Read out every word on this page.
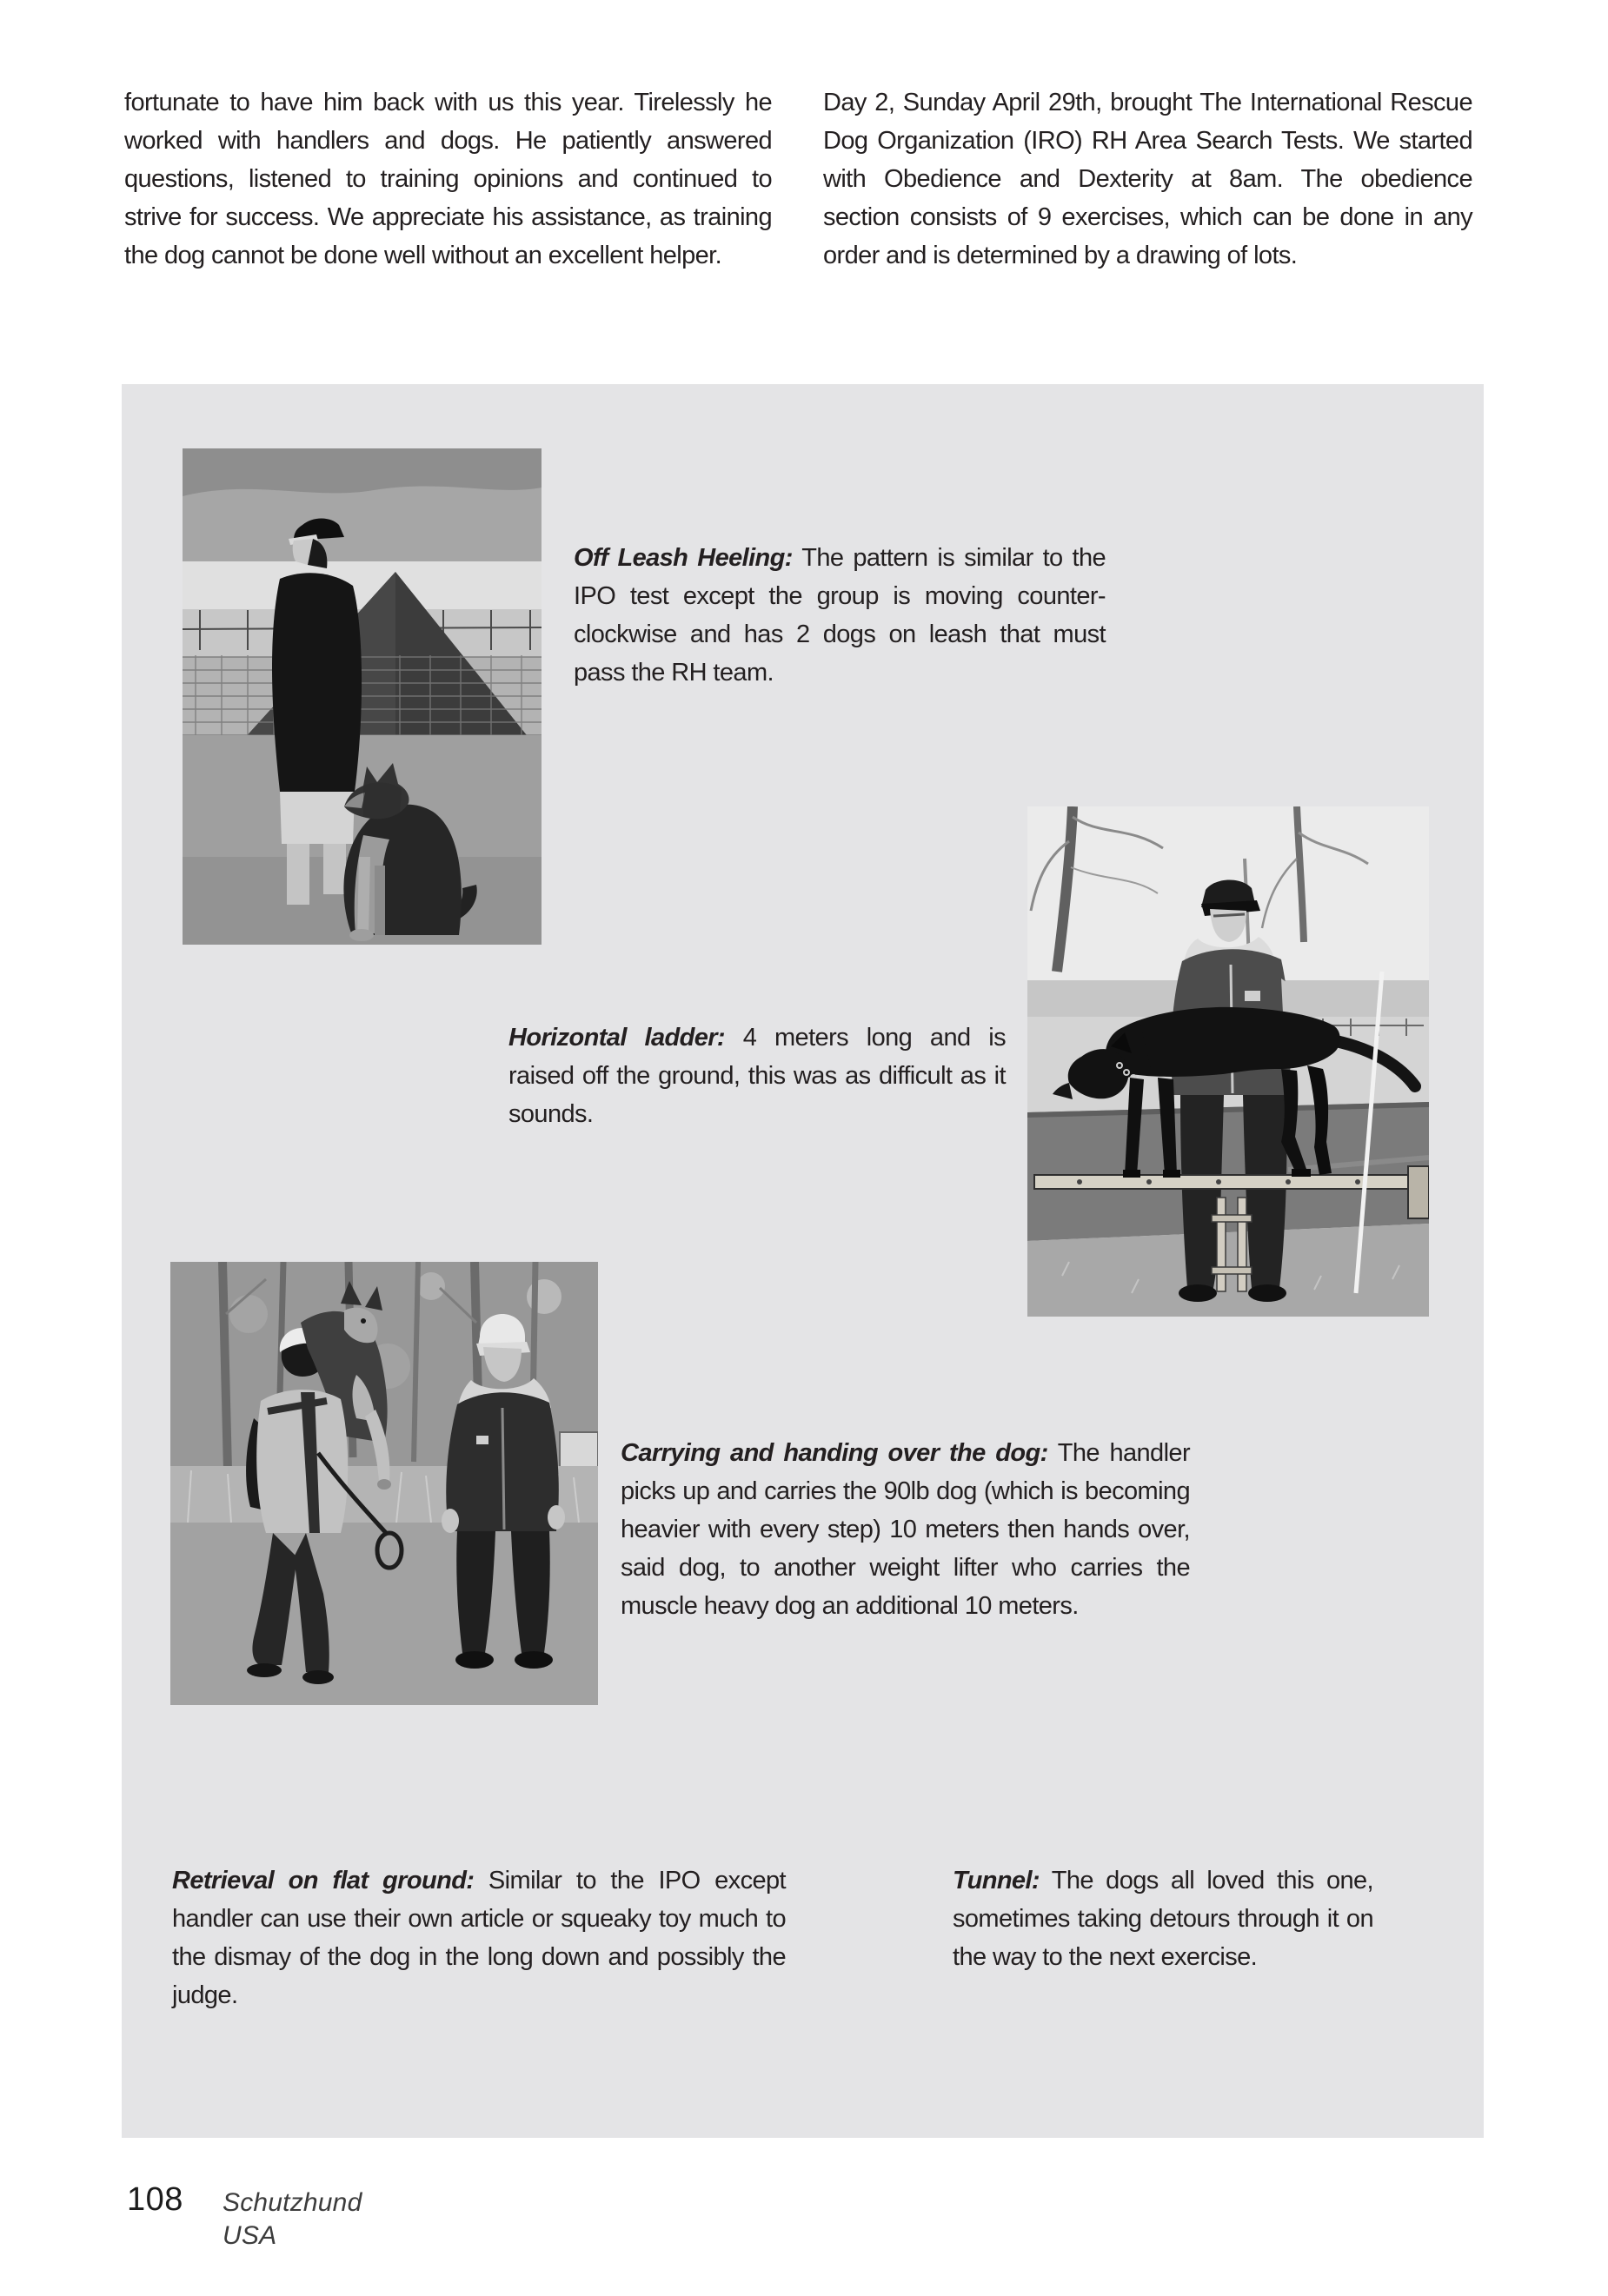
fortunate to have him back with us this year. Tirelessly he worked with handlers and dogs. He patiently answered questions, listened to training opinions and continued to strive for success. We appreciate his assistance, as training the dog cannot be done well without an excellent helper.

Day 2, Sunday April 29th, brought The International Rescue Dog Organization (IRO) RH Area Search Tests. We started with Obedience and Dexterity at 8am. The obedience section consists of 9 exercises, which can be done in any order and is determined by a drawing of lots.

Off Leash Heeling: The pattern is similar to the IPO test except the group is moving counter-clockwise and has 2 dogs on leash that must pass the RH team.

Horizontal ladder: 4 meters long and is raised off the ground, this was as difficult as it sounds.

Carrying and handing over the dog: The handler picks up and carries the 90lb dog (which is becoming heavier with every step) 10 meters then hands over, said dog, to another weight lifter who carries the muscle heavy dog an additional 10 meters.

Retrieval on flat ground: Similar to the IPO except handler can use their own article or squeaky toy much to the dismay of the dog in the long down and possibly the judge.

Tunnel: The dogs all loved this one, sometimes taking detours through it on the way to the next exercise.

108 Schutzhund USA
